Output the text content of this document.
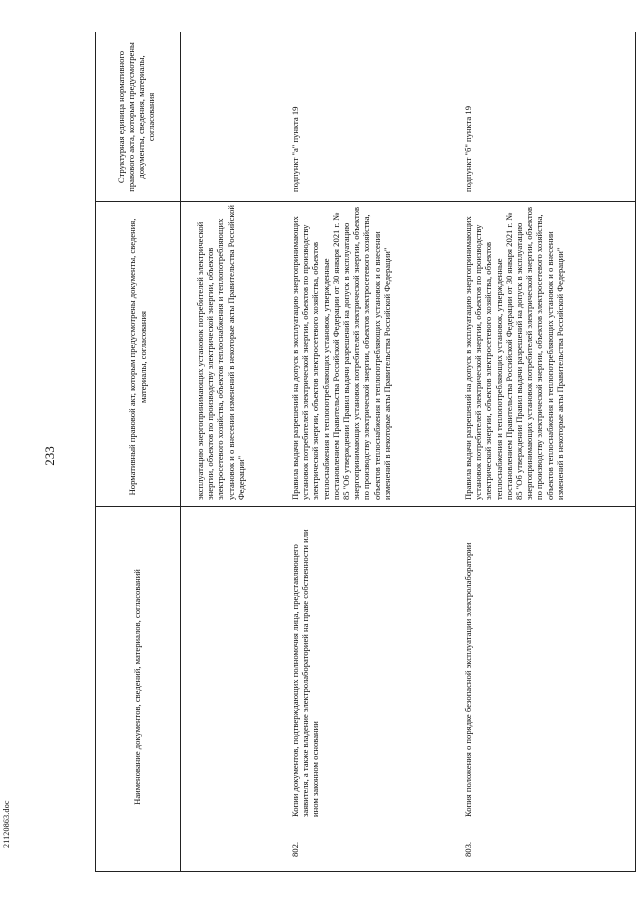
233
21120863.doc
Наименование документов, сведений, материалов, согласований
Нормативный правовой акт, которым предусмотрены документы, сведения, материалы, согласования
Структурная единица нормативного правового акта, которым предусмотрены документы, сведения, материалы, согласования
эксплуатацию энергопринимающих установок потребителей электрической энергии, объектов по производству электрической энергии, объектов электросетевого хозяйства, объектов теплоснабжения и теплопотребляющих установок и о внесении изменений в некоторые акты Правительства Российской Федерации"
802.
Копии документов, подтверждающих полномочия лица, представляющего заявителя, а также владение электролабораторией на праве собственности или ином законном основании
Правила выдачи разрешений на допуск в эксплуатацию энергопринимающих установок потребителей электрической энергии, объектов по производству электрической энергии, объектов электросетевого хозяйства, объектов теплоснабжения и теплопотребляющих установок, утвержденные постановлением Правительства Российской Федерации от 30 января 2021 г. № 85 "Об утверждении Правил выдачи разрешений на допуск в эксплуатацию энергопринимающих установок потребителей электрической энергии, объектов по производству электрической энергии, объектов электросетевого хозяйства, объектов теплоснабжения и теплопотребляющих установок и о внесении изменений в некоторые акты Правительства Российской Федерации"
подпункт "а" пункта 19
803.
Копия положения о порядке безопасной эксплуатации электролаборатории
Правила выдачи разрешений на допуск в эксплуатацию энергопринимающих установок потребителей электрической энергии, объектов по производству электрической энергии, объектов электросетевого хозяйства, объектов теплоснабжения и теплопотребляющих установок, утвержденные постановлением Правительства Российской Федерации от 30 января 2021 г. № 85 "Об утверждении Правил выдачи разрешений на допуск в эксплуатацию энергопринимающих установок потребителей электрической энергии, объектов по производству электрической энергии, объектов электросетевого хозяйства, объектов теплоснабжения и теплопотребляющих установок и о внесении изменений в некоторые акты Правительства Российской Федерации"
подпункт "б" пункта 19
